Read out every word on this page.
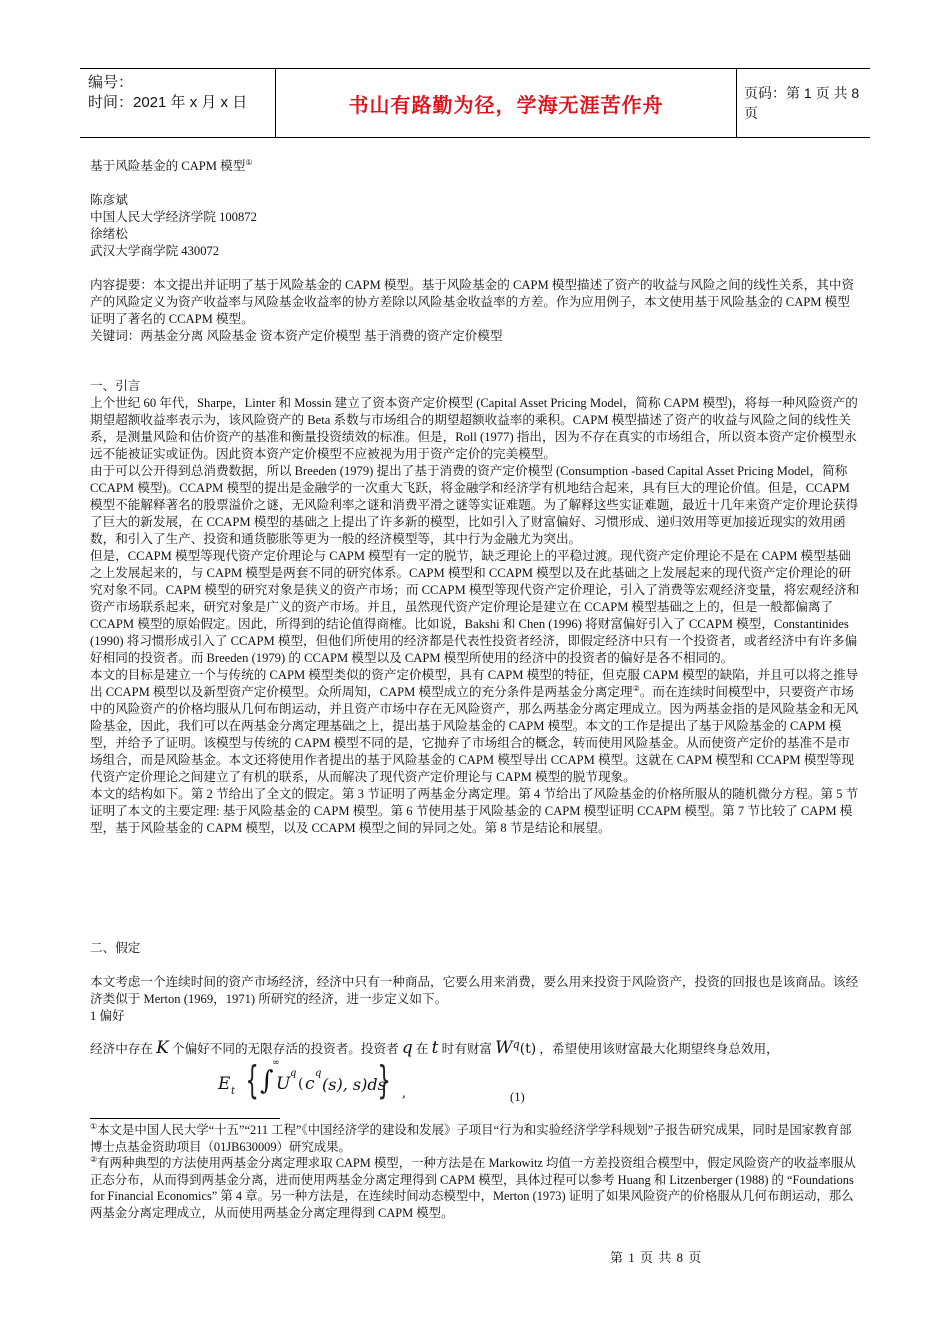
编号：
时间：2021 年 x 月 x 日	书山有路勤为径，学海无涯苦作舟	页码：第 1 页 共 8 页

基于风险基金的 CAPM 模型①

陈彦斌

中国人民大学经济学院 100872

徐绪松

武汉大学商学院 430072

内容提要：本文提出并证明了基于风险基金的 CAPM 模型。基于风险基金的 CAPM 模型描述了资产的收益与风险之间的线性关系，其中资产的风险定义为资产收益率与风险基金收益率的协方差除以风险基金收益率的方差。作为应用例子，本文使用基于风险基金的 CAPM 模型证明了著名的 CCAPM 模型。

关键词：两基金分离 风险基金 资本资产定价模型 基于消费的资产定价模型

一、引言

上个世纪 60 年代，Sharpe，Linter 和 Mossin 建立了资本资产定价模型 (Capital Asset Pricing Model，简称 CAPM 模型)，将每一种风险资产的期望超额收益率表示为，该风险资产的 Beta 系数与市场组合的期望超额收益率的乘积。CAPM 模型描述了资产的收益与风险之间的线性关系，是测量风险和估价资产的基准和衡量投资绩效的标准。但是，Roll (1977) 指出，因为不存在真实的市场组合，所以资本资产定价模型永远不能被证实或证伪。因此资本资产定价模型不应被视为用于资产定价的完美模型。

由于可以公开得到总消费数据，所以 Breeden (1979) 提出了基于消费的资产定价模型 (Consumption -based Capital Asset Pricing Model，简称 CCAPM 模型)。CCAPM 模型的提出是金融学的一次重大飞跃，将金融学和经济学有机地结合起来，具有巨大的理论价值。但是，CCAPM 模型不能解释著名的股票溢价之谜，无风险利率之谜和消费平滑之谜等实证难题。为了解释这些实证难题，最近十几年来资产定价理论获得了巨大的新发展，在 CCAPM 模型的基础之上提出了许多新的模型，比如引入了财富偏好、习惯形成、递归效用等更加接近现实的效用函数，和引入了生产、投资和通货膨胀等更为一般的经济模型等，其中行为金融尤为突出。

但是，CCAPM 模型等现代资产定价理论与 CAPM 模型有一定的脱节，缺乏理论上的平稳过渡。现代资产定价理论不是在 CAPM 模型基础之上发展起来的，与 CAPM 模型是两套不同的研究体系。CAPM 模型和 CCAPM 模型以及在此基础之上发展起来的现代资产定价理论的研究对象不同。CAPM 模型的研究对象是狭义的资产市场；而 CCAPM 模型等现代资产定价理论，引入了消费等宏观经济变量，将宏观经济和资产市场联系起来，研究对象是广义的资产市场。并且，虽然现代资产定价理论是建立在 CCAPM 模型基础之上的，但是一般都偏离了 CCAPM 模型的原始假定。因此，所得到的结论值得商榷。比如说，Bakshi 和 Chen (1996) 将财富偏好引入了 CCAPM 模型，Constantinides (1990) 将习惯形成引入了 CCAPM 模型，但他们所使用的经济都是代表性投资者经济，即假定经济中只有一个投资者，或者经济中有许多偏好相同的投资者。而 Breeden (1979) 的 CCAPM 模型以及 CAPM 模型所使用的经济中的投资者的偏好是各不相同的。

本文的目标是建立一个与传统的 CAPM 模型类似的资产定价模型，具有 CAPM 模型的特征，但克服 CAPM 模型的缺陷，并且可以将之推导出 CCAPM 模型以及新型资产定价模型。众所周知，CAPM 模型成立的充分条件是两基金分离定理②。而在连续时间模型中，只要资产市场中的风险资产的价格均服从几何布朗运动，并且资产市场中存在无风险资产，那么两基金分离定理成立。因为两基金指的是风险基金和无风险基金，因此，我们可以在两基金分离定理基础之上，提出基于风险基金的 CAPM 模型。本文的工作是提出了基于风险基金的 CAPM 模型，并给予了证明。该模型与传统的 CAPM 模型不同的是，它抛弃了市场组合的概念，转而使用风险基金。从而使资产定价的基准不是市场组合，而是风险基金。本文还将使用作者提出的基于风险基金的 CAPM 模型导出 CCAPM 模型。这就在 CAPM 模型和 CCAPM 模型等现代资产定价理论之间建立了有机的联系，从而解决了现代资产定价理论与 CAPM 模型的脱节现象。

本文的结构如下。第 2 节给出了全文的假定。第 3 节证明了两基金分离定理。第 4 节给出了风险基金的价格所服从的随机微分方程。第 5 节证明了本文的主要定理: 基于风险基金的 CAPM 模型。第 6 节使用基于风险基金的 CAPM 模型证明 CCAPM 模型。第 7 节比较了 CAPM 模型，基于风险基金的 CAPM 模型，以及 CCAPM 模型之间的异同之处。第 8 节是结论和展望。

二、假定

本文考虑一个连续时间的资产市场经济，经济中只有一种商品，它要么用来消费，要么用来投资于风险资产，投资的回报也是该商品。该经济类似于 Merton (1969，1971) 所研究的经济，进一步定义如下。

1 偏好

经济中存在 K 个偏好不同的无限存活的投资者。投资者 q 在 t 时有财富 $W^q(t)$ ，希望使用该财富最大化期望终身总效用，
E t { ∫
∞
U
q
( c
q
(s), s)ds
} ,	(1)

①本文是中国人民大学“十五”“211 工程”《中国经济学的建设和发展》子项目“行为和实验经济学学科规划”子报告研究成果，同时是国家教育部博士点基金资助项目（01JB630009）研究成果。

②有两种典型的方法使用两基金分离定理求取 CAPM 模型，一种方法是在 Markowitz 均值一方差投资组合模型中，假定风险资产的收益率服从正态分布，从而得到两基金分离，进而使用两基金分离定理得到 CAPM 模型，具体过程可以参考 Huang 和 Litzenberger (1988) 的 “Foundations for Financial Economics” 第 4 章。另一种方法是，在连续时间动态模型中，Merton (1973) 证明了如果风险资产的价格服从几何布朗运动，那么两基金分离定理成立，从而使用两基金分离定理得到 CAPM 模型。

第 1 页 共 8 页
